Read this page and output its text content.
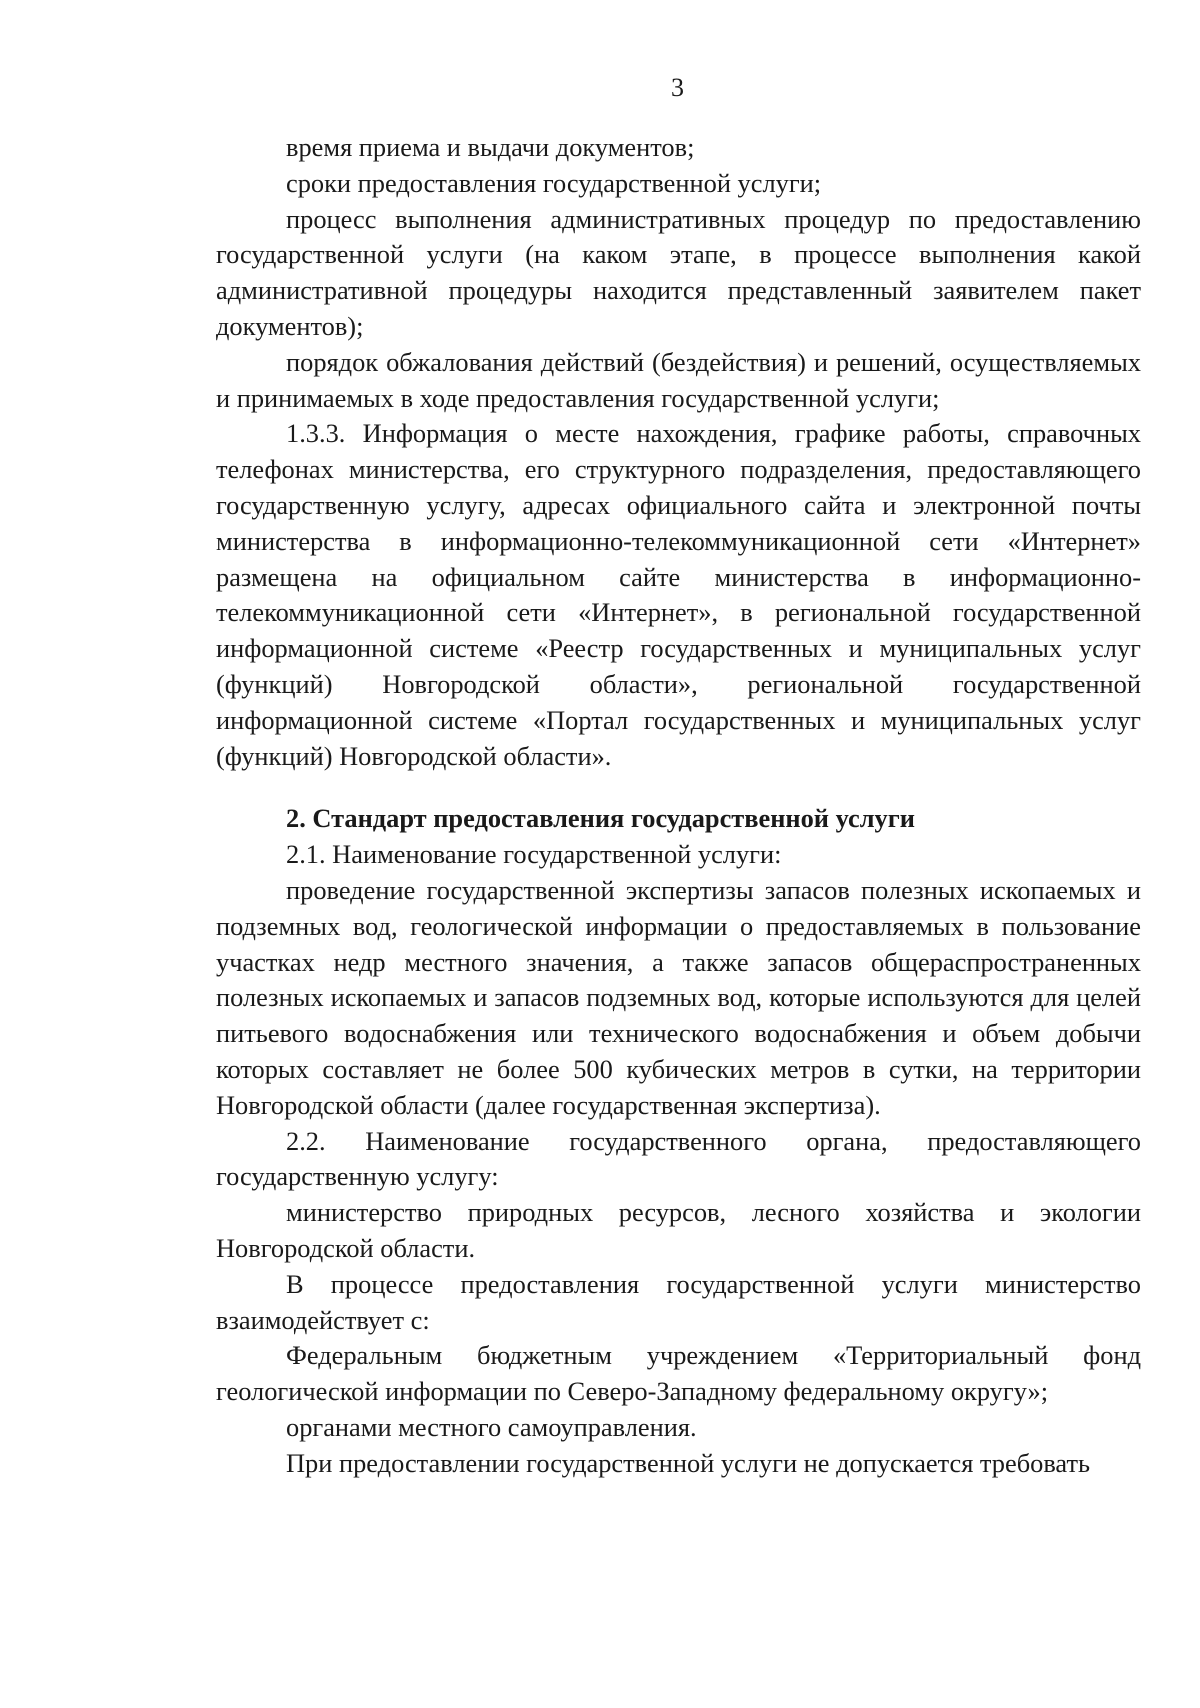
3

время приема и выдачи документов;

сроки предоставления государственной услуги;

процесс выполнения административных процедур по предоставлению государственной услуги (на каком этапе, в процессе выполнения какой административной процедуры находится представленный заявителем пакет документов);

порядок обжалования действий (бездействия) и решений, осуществляемых и принимаемых в ходе предоставления государственной услуги;

1.3.3. Информация о месте нахождения, графике работы, справочных телефонах министерства, его структурного подразделения, предоставляющего государственную услугу, адресах официального сайта и электронной почты министерства в информационно-телекоммуникационной сети «Интернет» размещена на официальном сайте министерства в информационно-телекоммуникационной сети «Интернет», в региональной государственной информационной системе «Реестр государственных и муниципальных услуг (функций) Новгородской области», региональной государственной информационной системе «Портал государственных и муниципальных услуг (функций) Новгородской области».

2. Стандарт предоставления государственной услуги

2.1. Наименование государственной услуги:

проведение государственной экспертизы запасов полезных ископаемых и подземных вод, геологической информации о предоставляемых в пользование участках недр местного значения, а также запасов общераспространенных полезных ископаемых и запасов подземных вод, которые используются для целей питьевого водоснабжения или технического водоснабжения и объем добычи которых составляет не более 500 кубических метров в сутки, на территории Новгородской области (далее государственная экспертиза).

2.2. Наименование государственного органа, предоставляющего государственную услугу:

министерство природных ресурсов, лесного хозяйства и экологии Новгородской области.

В процессе предоставления государственной услуги министерство взаимодействует с:

Федеральным бюджетным учреждением «Территориальный фонд геологической информации по Северо-Западному федеральному округу»;

органами местного самоуправления.

При предоставлении государственной услуги не допускается требовать
